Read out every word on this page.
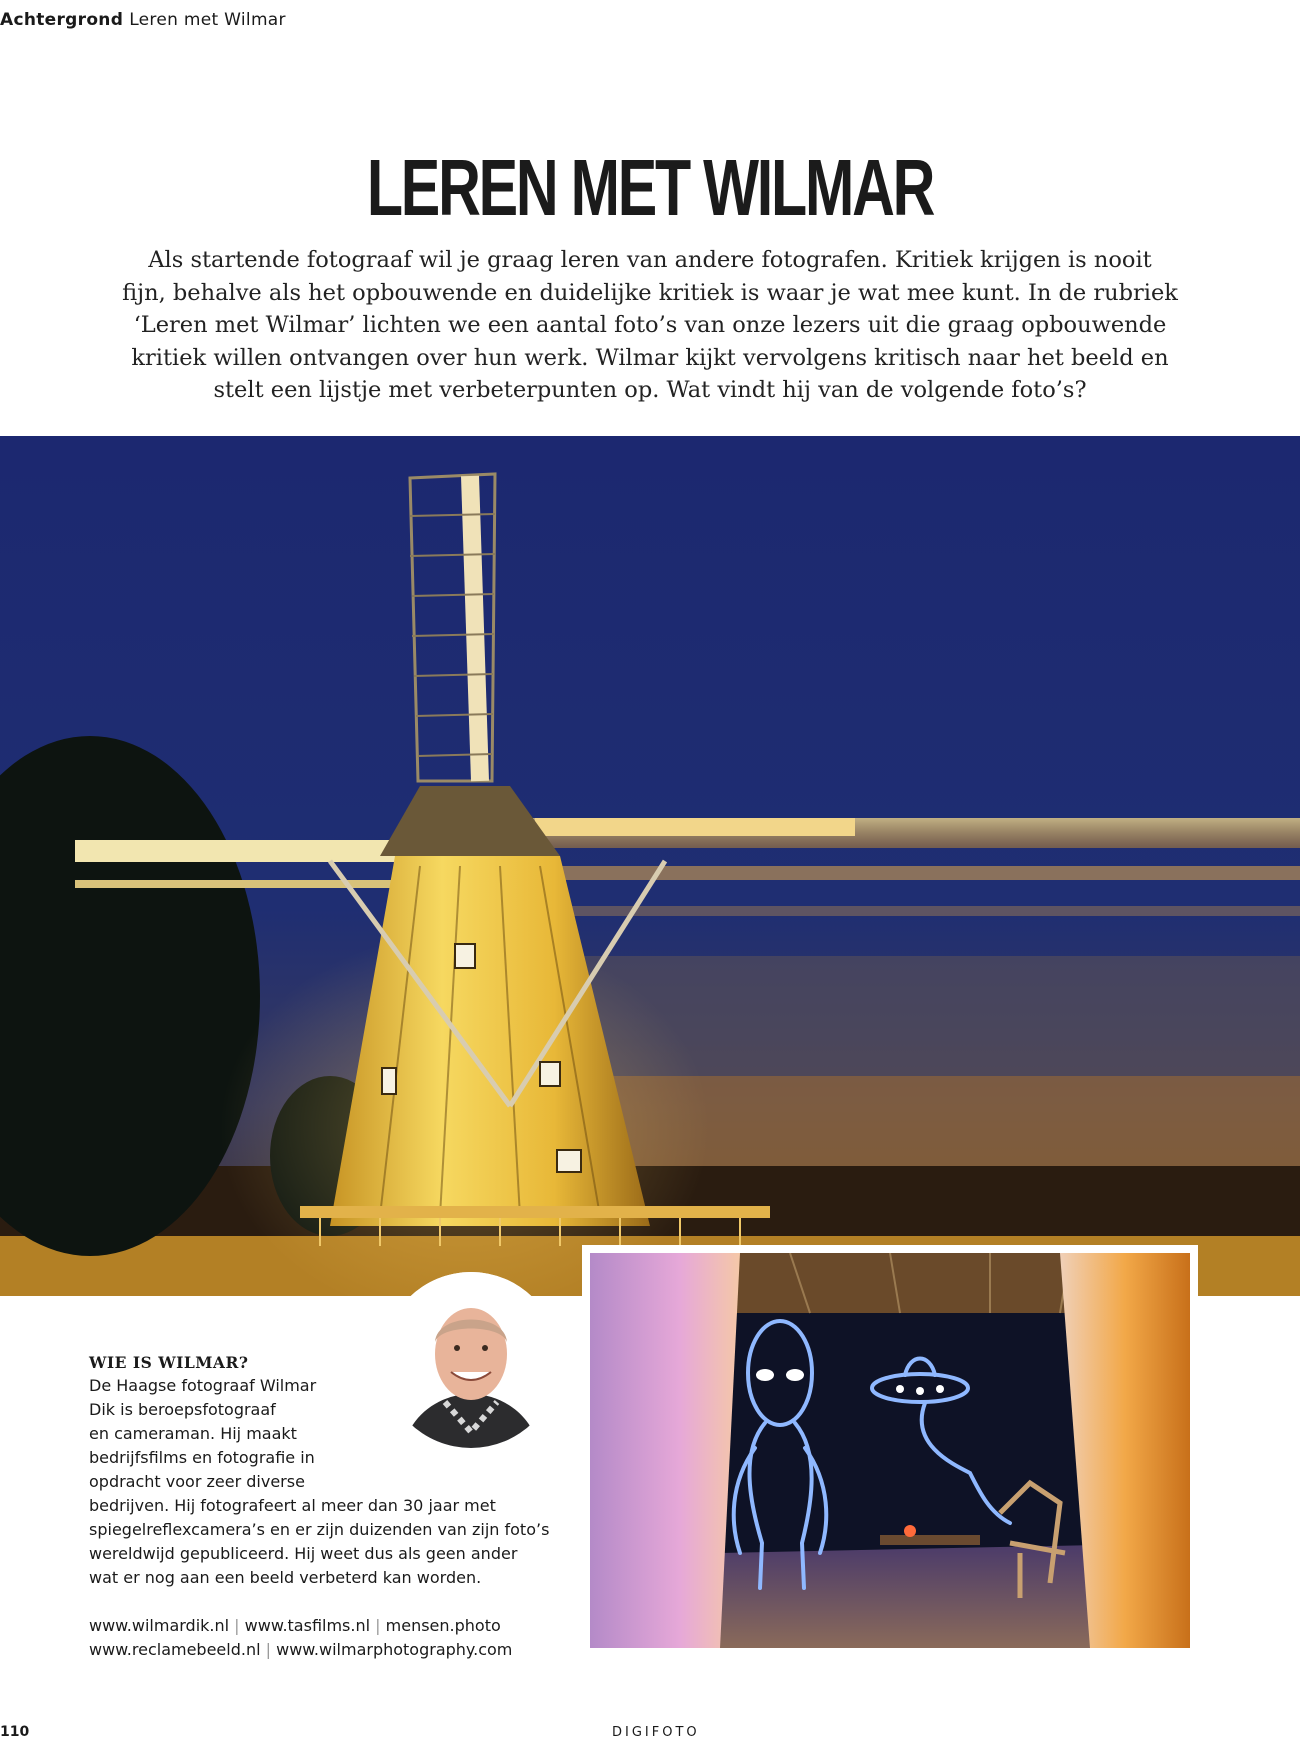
Achtergrond Leren met Wilmar
LEREN MET WILMAR
Als startende fotograaf wil je graag leren van andere fotografen. Kritiek krijgen is nooit
fijn, behalve als het opbouwende en duidelijke kritiek is waar je wat mee kunt. In de rubriek
‘Leren met Wilmar’ lichten we een aantal foto’s van onze lezers uit die graag opbouwende
kritiek willen ontvangen over hun werk. Wilmar kijkt vervolgens kritisch naar het beeld en
stelt een lijstje met verbeterpunten op. Wat vindt hij van de volgende foto’s?
WIE IS WILMAR?
De Haagse fotograaf Wilmar
Dik is beroepsfotograaf
en cameraman. Hij maakt
bedrijfsfilms en fotografie in
opdracht voor zeer diverse
bedrijven. Hij fotografeert al meer dan 30 jaar met
spiegelreflexcamera’s en er zijn duizenden van zijn foto’s
wereldwijd gepubliceerd. Hij weet dus als geen ander
wat er nog aan een beeld verbeterd kan worden.
www.wilmardik.nl | www.tasfilms.nl | mensen.photo
www.reclamebeeld.nl | www.wilmarphotography.com
110	DIGIFOTO
